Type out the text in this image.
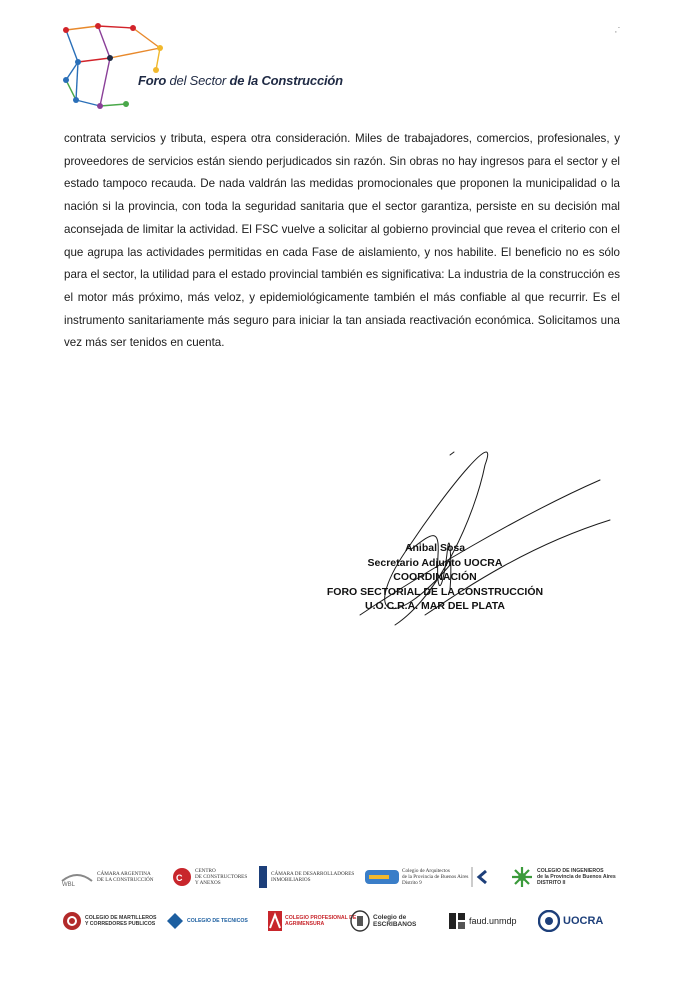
Foro del Sector de la Construcción
·˙
contrata servicios y tributa, espera otra consideración. Miles de trabajadores, comercios, profesionales, y proveedores de servicios están siendo perjudicados sin razón. Sin obras no hay ingresos para el sector y el estado tampoco recauda. De nada valdrán las medidas promocionales que proponen la municipalidad o la nación si la provincia, con toda la seguridad sanitaria que el sector garantiza, persiste en su decisión mal aconsejada de limitar la actividad. El FSC vuelve a solicitar al gobierno provincial que revea el criterio con el que agrupa las actividades permitidas en cada Fase de aislamiento, y nos habilite. El beneficio no es sólo para el sector, la utilidad para el estado provincial también es significativa: La industria de la construcción es el motor más próximo, más veloz, y epidemiológicamente también el más confiable al que recurrir. Es el instrumento sanitariamente más seguro para iniciar la tan ansiada reactivación económica. Solicitamos una vez más ser tenidos en cuenta.
Anibal Sosa
Secretario Adjunto UOCRA
COORDINACIÓN
FORO SECTORIAL DE LA CONSTRUCCIÓN
U.O.C.R.A. MAR DEL PLATA
WBL
CÁMARA ARGENTINA
DE LA CONSTRUCCIÓN	C
CENTRO
DE CONSTRUCTORES
Y ANEXOS
CÁMARA DE DESARROLLADORES
INMOBILIARIOS
Colegio de Arquitectos
de la Provincia de Buenos Aires
Distrito 9
COLEGIO DE INGENIEROS
de la Provincia de Buenos Aires
DISTRITO II
COLEGIO DE MARTILLEROS
Y CORREDORES PUBLICOS	COLEGIO DE TECNICOS	COLEGIO PROFESIONAL DE
AGRIMENSURA
Colegio de
ESCRIBANOS	faud.unmdp	UOCRA
